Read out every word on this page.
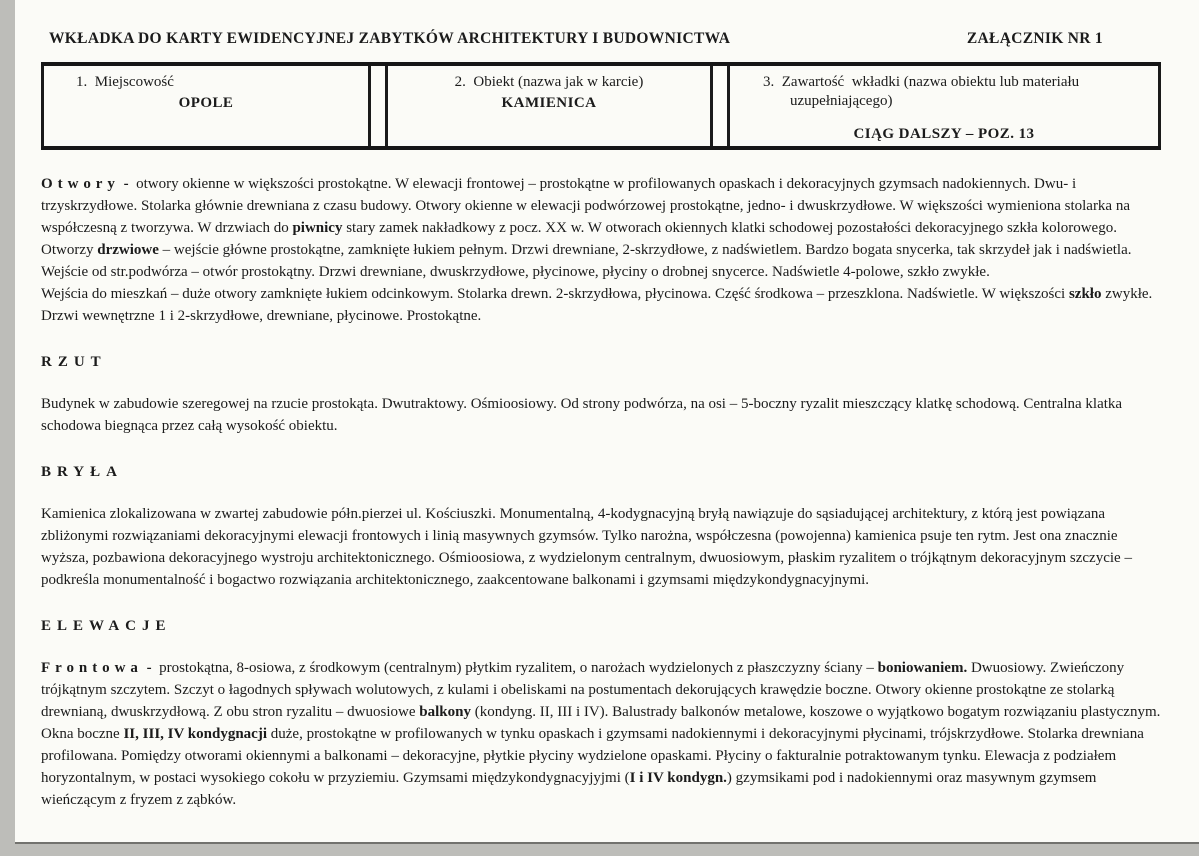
WKŁADKA DO KARTY EWIDENCYJNEJ ZABYTKÓW ARCHITEKTURY I BUDOWNICTWA	ZAŁĄCZNIK NR 1
1.  Miejscowość
OPOLE
2.  Obiekt (nazwa jak w karcie)
KAMIENICA
3.  Zawartość  wkładki (nazwa obiektu lub materiału uzupełniającego)
CIĄG DALSZY – POZ. 13

Otwory -  otwory okienne w większości prostokątne. W elewacji frontowej – prostokątne w profilowanych opaskach i dekoracyjnych gzymsach nadokiennych. Dwu- i trzyskrzydłowe. Stolarka głównie drewniana z czasu budowy. Otwory okienne w elewacji podwórzowej prostokątne, jedno- i dwuskrzydłowe. W większości wymieniona stolarka na współczesną z tworzywa. W drzwiach do piwnicy stary zamek nakładkowy z pocz. XX w. W otworach okiennych klatki schodowej pozostałości dekoracyjnego szkła kolorowego. Otworzy drzwiowe – wejście główne prostokątne, zamknięte łukiem pełnym. Drzwi drewniane, 2-skrzydłowe, z nadświetlem. Bardzo bogata snycerka, tak skrzydeł jak i nadświetla. Wejście od str.podwórza – otwór prostokątny. Drzwi drewniane, dwuskrzydłowe, płycinowe, płyciny o drobnej snycerce. Nadświetle 4-polowe, szkło zwykłe.

Wejścia do mieszkań – duże otwory zamknięte łukiem odcinkowym. Stolarka drewn. 2-skrzydłowa, płycinowa. Część środkowa – przeszklona. Nadświetle. W większości szkło zwykłe. Drzwi wewnętrzne 1 i 2-skrzydłowe, drewniane, płycinowe. Prostokątne.

RZUT

Budynek w zabudowie szeregowej na rzucie prostokąta. Dwutraktowy. Ośmioosiowy. Od strony podwórza, na osi – 5-boczny ryzalit mieszczący klatkę schodową. Centralna klatka schodowa biegnąca przez całą wysokość obiektu.

BRYŁA

Kamienica zlokalizowana w zwartej zabudowie półn.pierzei ul. Kościuszki. Monumentalną, 4-kodygnacyjną bryłą nawiązuje do sąsiadującej architektury, z którą jest powiązana zbliżonymi rozwiązaniami dekoracyjnymi elewacji frontowych i linią masywnych gzymsów. Tylko narożna, współczesna (powojenna) kamienica psuje ten rytm. Jest ona znacznie wyższa, pozbawiona dekoracyjnego wystroju architektonicznego. Ośmioosiowa, z wydzielonym centralnym, dwuosiowym, płaskim ryzalitem o trójkątnym dekoracyjnym szczycie – podkreśla monumentalność i bogactwo rozwiązania architektonicznego, zaakcentowane balkonami i gzymsami międzykondygnacyjnymi.

ELEWACJE

Frontowa -  prostokątna, 8-osiowa, z środkowym (centralnym) płytkim ryzalitem, o narożach wydzielonych z płaszczyzny ściany – boniowaniem. Dwuosiowy. Zwieńczony trójkątnym szczytem. Szczyt o łagodnych spływach wolutowych, z kulami i obeliskami na postumentach dekorujących krawędzie boczne. Otwory okienne prostokątne ze stolarką drewnianą, dwuskrzydłową. Z obu stron ryzalitu – dwuosiowe balkony (kondyng. II, III i IV). Balustrady balkonów metalowe, koszowe o wyjątkowo bogatym rozwiązaniu plastycznym. Okna boczne II, III, IV kondygnacji duże, prostokątne w profilowanych w tynku opaskach i gzymsami nadokiennymi i dekoracyjnymi płycinami, trójskrzydłowe. Stolarka drewniana profilowana. Pomiędzy otworami okiennymi a balkonami – dekoracyjne, płytkie płyciny wydzielone opaskami. Płyciny o fakturalnie potraktowanym tynku. Elewacja z podziałem horyzontalnym, w postaci wysokiego cokołu w przyziemiu. Gzymsami międzykondygnacyjyjmi (I i IV kondygn.) gzymsikami pod i nadokiennymi oraz masywnym gzymsem wieńczącym z fryzem z ząbków.
